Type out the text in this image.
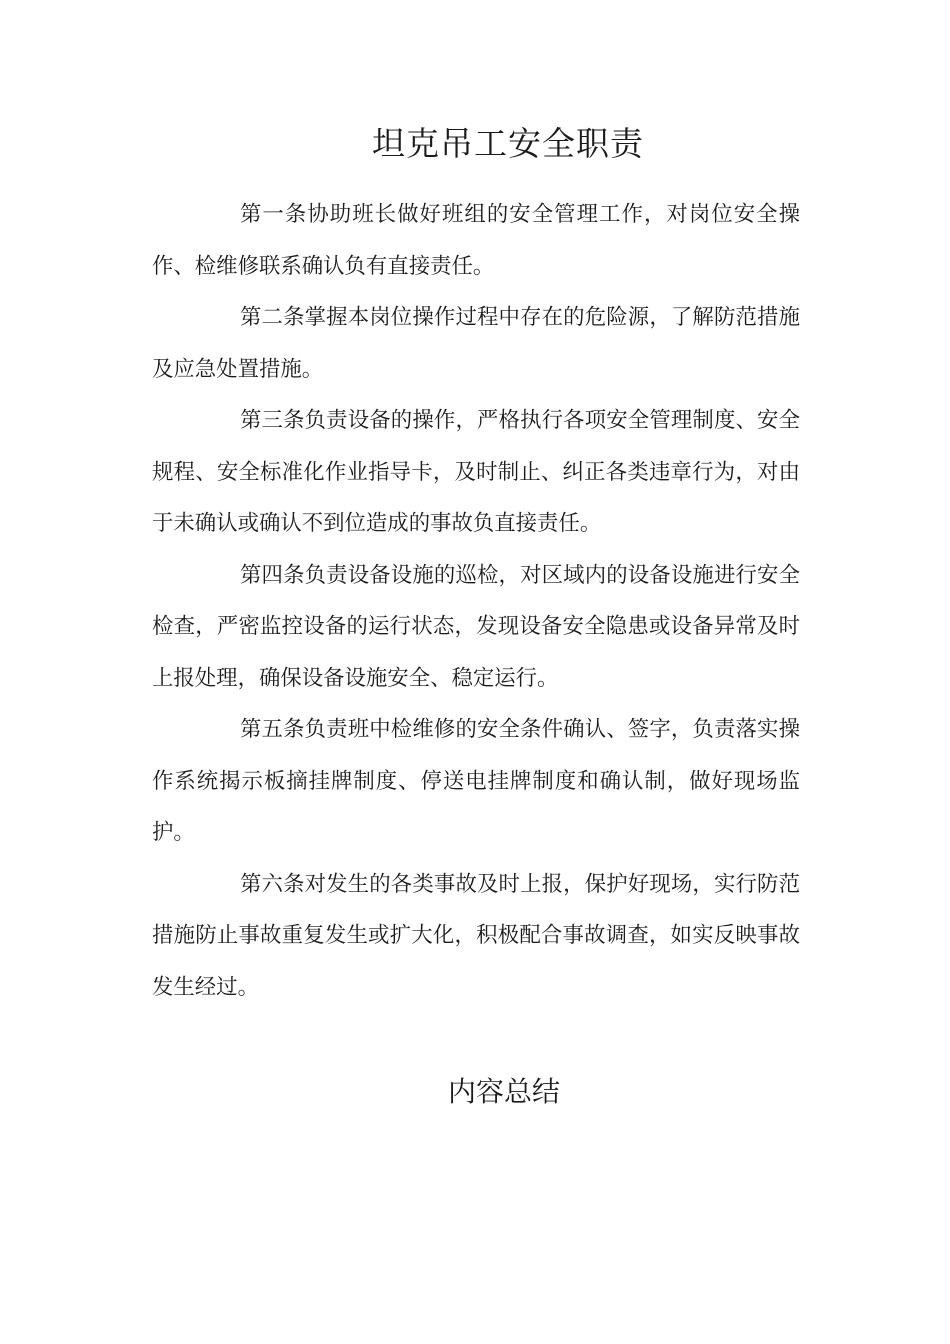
坦克吊工安全职责

第一条协助班长做好班组的安全管理工作，对岗位安全操作、检维修联系确认负有直接责任。

第二条掌握本岗位操作过程中存在的危险源，了解防范措施及应急处置措施。

第三条负责设备的操作，严格执行各项安全管理制度、安全规程、安全标准化作业指导卡，及时制止、纠正各类违章行为，对由于未确认或确认不到位造成的事故负直接责任。

第四条负责设备设施的巡检，对区域内的设备设施进行安全检查，严密监控设备的运行状态，发现设备安全隐患或设备异常及时上报处理，确保设备设施安全、稳定运行。

第五条负责班中检维修的安全条件确认、签字，负责落实操作系统揭示板摘挂牌制度、停送电挂牌制度和确认制，做好现场监护。

第六条对发生的各类事故及时上报，保护好现场，实行防范措施防止事故重复发生或扩大化，积极配合事故调查，如实反映事故发生经过。

内容总结
